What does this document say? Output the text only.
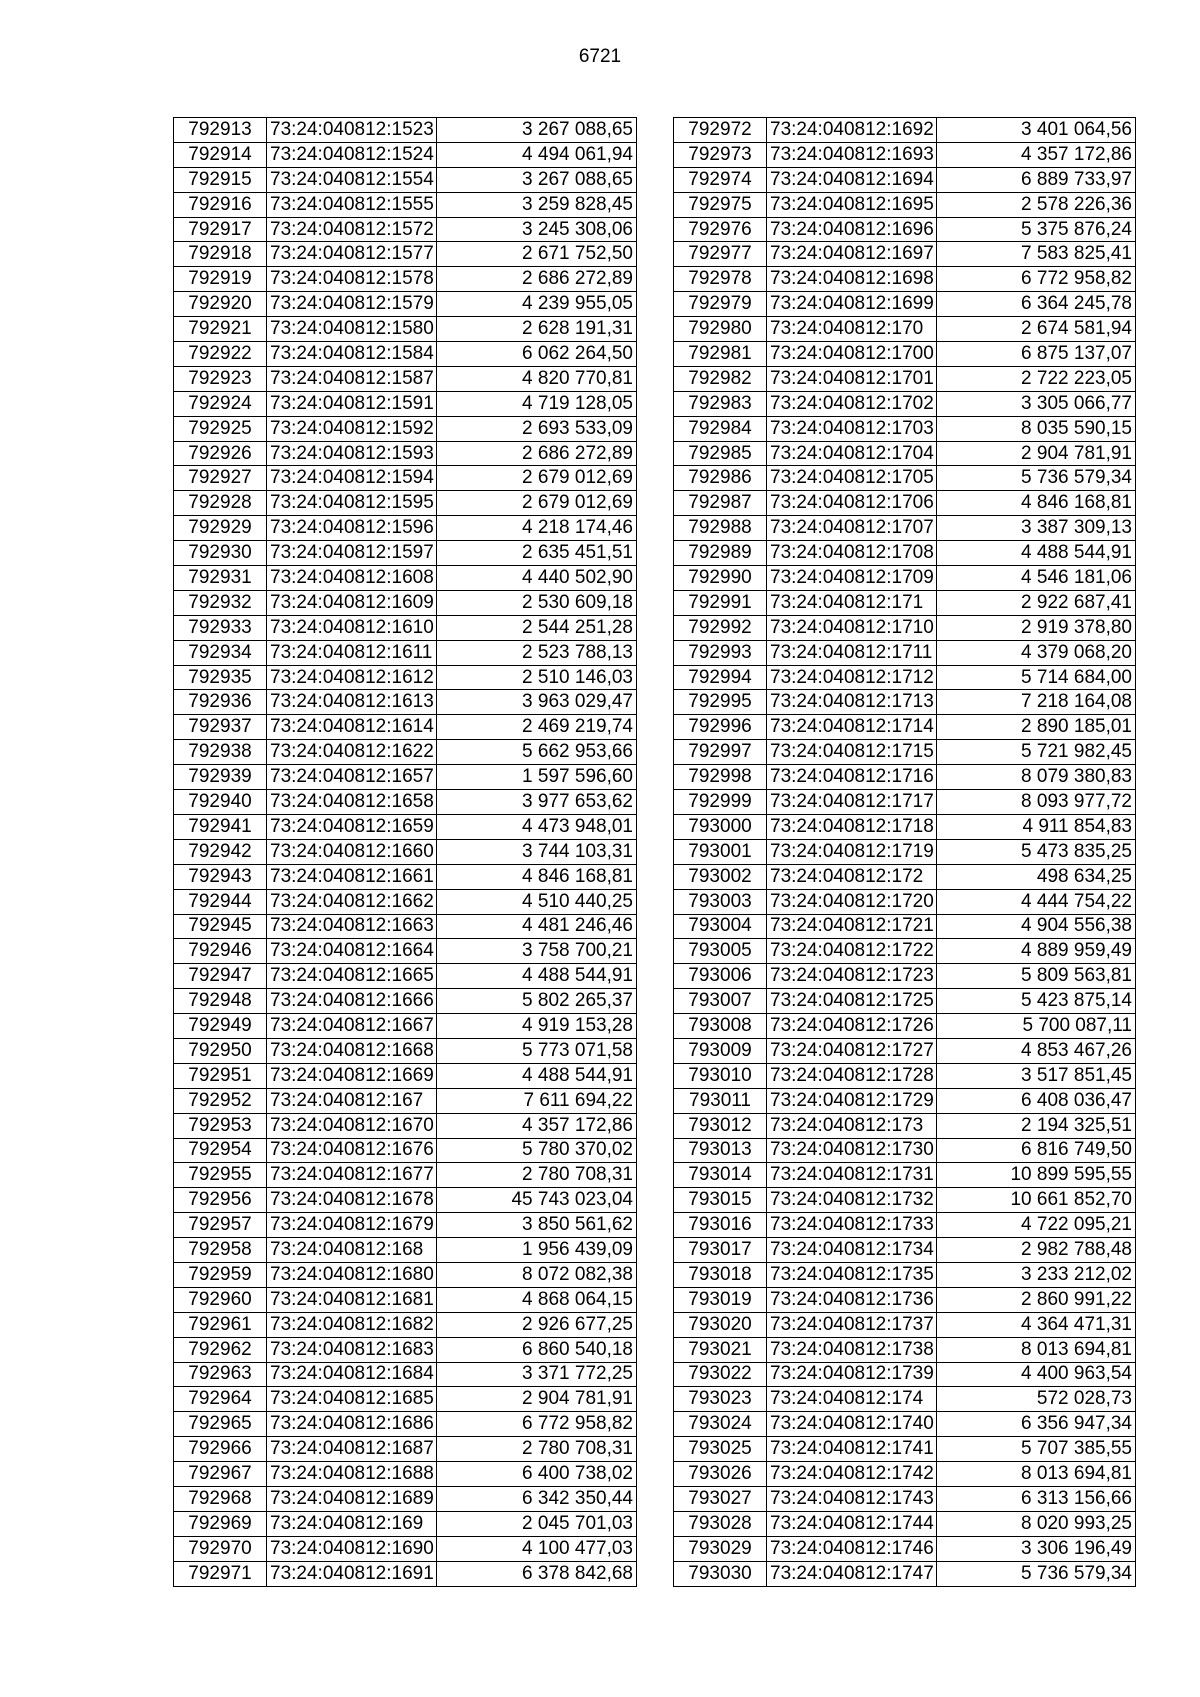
6721
792913	73:24:040812:1523	3 267 088,65
792914	73:24:040812:1524	4 494 061,94
792915	73:24:040812:1554	3 267 088,65
792916	73:24:040812:1555	3 259 828,45
792917	73:24:040812:1572	3 245 308,06
792918	73:24:040812:1577	2 671 752,50
792919	73:24:040812:1578	2 686 272,89
792920	73:24:040812:1579	4 239 955,05
792921	73:24:040812:1580	2 628 191,31
792922	73:24:040812:1584	6 062 264,50
792923	73:24:040812:1587	4 820 770,81
792924	73:24:040812:1591	4 719 128,05
792925	73:24:040812:1592	2 693 533,09
792926	73:24:040812:1593	2 686 272,89
792927	73:24:040812:1594	2 679 012,69
792928	73:24:040812:1595	2 679 012,69
792929	73:24:040812:1596	4 218 174,46
792930	73:24:040812:1597	2 635 451,51
792931	73:24:040812:1608	4 440 502,90
792932	73:24:040812:1609	2 530 609,18
792933	73:24:040812:1610	2 544 251,28
792934	73:24:040812:1611	2 523 788,13
792935	73:24:040812:1612	2 510 146,03
792936	73:24:040812:1613	3 963 029,47
792937	73:24:040812:1614	2 469 219,74
792938	73:24:040812:1622	5 662 953,66
792939	73:24:040812:1657	1 597 596,60
792940	73:24:040812:1658	3 977 653,62
792941	73:24:040812:1659	4 473 948,01
792942	73:24:040812:1660	3 744 103,31
792943	73:24:040812:1661	4 846 168,81
792944	73:24:040812:1662	4 510 440,25
792945	73:24:040812:1663	4 481 246,46
792946	73:24:040812:1664	3 758 700,21
792947	73:24:040812:1665	4 488 544,91
792948	73:24:040812:1666	5 802 265,37
792949	73:24:040812:1667	4 919 153,28
792950	73:24:040812:1668	5 773 071,58
792951	73:24:040812:1669	4 488 544,91
792952	73:24:040812:167	7 611 694,22
792953	73:24:040812:1670	4 357 172,86
792954	73:24:040812:1676	5 780 370,02
792955	73:24:040812:1677	2 780 708,31
792956	73:24:040812:1678	45 743 023,04
792957	73:24:040812:1679	3 850 561,62
792958	73:24:040812:168	1 956 439,09
792959	73:24:040812:1680	8 072 082,38
792960	73:24:040812:1681	4 868 064,15
792961	73:24:040812:1682	2 926 677,25
792962	73:24:040812:1683	6 860 540,18
792963	73:24:040812:1684	3 371 772,25
792964	73:24:040812:1685	2 904 781,91
792965	73:24:040812:1686	6 772 958,82
792966	73:24:040812:1687	2 780 708,31
792967	73:24:040812:1688	6 400 738,02
792968	73:24:040812:1689	6 342 350,44
792969	73:24:040812:169	2 045 701,03
792970	73:24:040812:1690	4 100 477,03
792971	73:24:040812:1691	6 378 842,68
792972	73:24:040812:1692	3 401 064,56
792973	73:24:040812:1693	4 357 172,86
792974	73:24:040812:1694	6 889 733,97
792975	73:24:040812:1695	2 578 226,36
792976	73:24:040812:1696	5 375 876,24
792977	73:24:040812:1697	7 583 825,41
792978	73:24:040812:1698	6 772 958,82
792979	73:24:040812:1699	6 364 245,78
792980	73:24:040812:170	2 674 581,94
792981	73:24:040812:1700	6 875 137,07
792982	73:24:040812:1701	2 722 223,05
792983	73:24:040812:1702	3 305 066,77
792984	73:24:040812:1703	8 035 590,15
792985	73:24:040812:1704	2 904 781,91
792986	73:24:040812:1705	5 736 579,34
792987	73:24:040812:1706	4 846 168,81
792988	73:24:040812:1707	3 387 309,13
792989	73:24:040812:1708	4 488 544,91
792990	73:24:040812:1709	4 546 181,06
792991	73:24:040812:171	2 922 687,41
792992	73:24:040812:1710	2 919 378,80
792993	73:24:040812:1711	4 379 068,20
792994	73:24:040812:1712	5 714 684,00
792995	73:24:040812:1713	7 218 164,08
792996	73:24:040812:1714	2 890 185,01
792997	73:24:040812:1715	5 721 982,45
792998	73:24:040812:1716	8 079 380,83
792999	73:24:040812:1717	8 093 977,72
793000	73:24:040812:1718	4 911 854,83
793001	73:24:040812:1719	5 473 835,25
793002	73:24:040812:172	498 634,25
793003	73:24:040812:1720	4 444 754,22
793004	73:24:040812:1721	4 904 556,38
793005	73:24:040812:1722	4 889 959,49
793006	73:24:040812:1723	5 809 563,81
793007	73:24:040812:1725	5 423 875,14
793008	73:24:040812:1726	5 700 087,11
793009	73:24:040812:1727	4 853 467,26
793010	73:24:040812:1728	3 517 851,45
793011	73:24:040812:1729	6 408 036,47
793012	73:24:040812:173	2 194 325,51
793013	73:24:040812:1730	6 816 749,50
793014	73:24:040812:1731	10 899 595,55
793015	73:24:040812:1732	10 661 852,70
793016	73:24:040812:1733	4 722 095,21
793017	73:24:040812:1734	2 982 788,48
793018	73:24:040812:1735	3 233 212,02
793019	73:24:040812:1736	2 860 991,22
793020	73:24:040812:1737	4 364 471,31
793021	73:24:040812:1738	8 013 694,81
793022	73:24:040812:1739	4 400 963,54
793023	73:24:040812:174	572 028,73
793024	73:24:040812:1740	6 356 947,34
793025	73:24:040812:1741	5 707 385,55
793026	73:24:040812:1742	8 013 694,81
793027	73:24:040812:1743	6 313 156,66
793028	73:24:040812:1744	8 020 993,25
793029	73:24:040812:1746	3 306 196,49
793030	73:24:040812:1747	5 736 579,34
